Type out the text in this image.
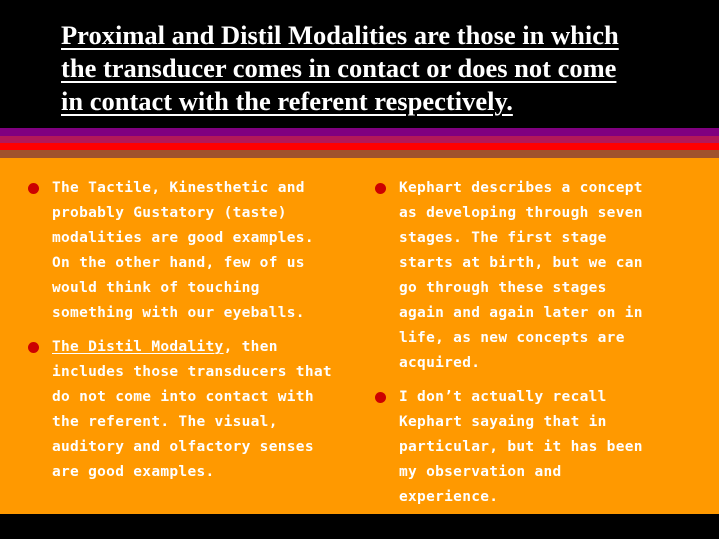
Proximal and Distil Modalities are those in which
the transducer comes in contact or does not come
in contact with the referent respectively.
The Tactile, Kinesthetic and
probably Gustatory (taste)
modalities are good examples.
On the other hand, few of us
would think of touching
something with our eyeballs.
The Distil Modality, then
includes those transducers that
do not come into contact with
the referent. The visual,
auditory and olfactory senses
are good examples.
Kephart describes a concept
as developing through seven
stages. The first stage
starts at birth, but we can
go through these stages
again and again later on in
life, as new concepts are
acquired.
I don’t actually recall
Kephart sayaing that in
particular, but it has been
my observation and
experience.
